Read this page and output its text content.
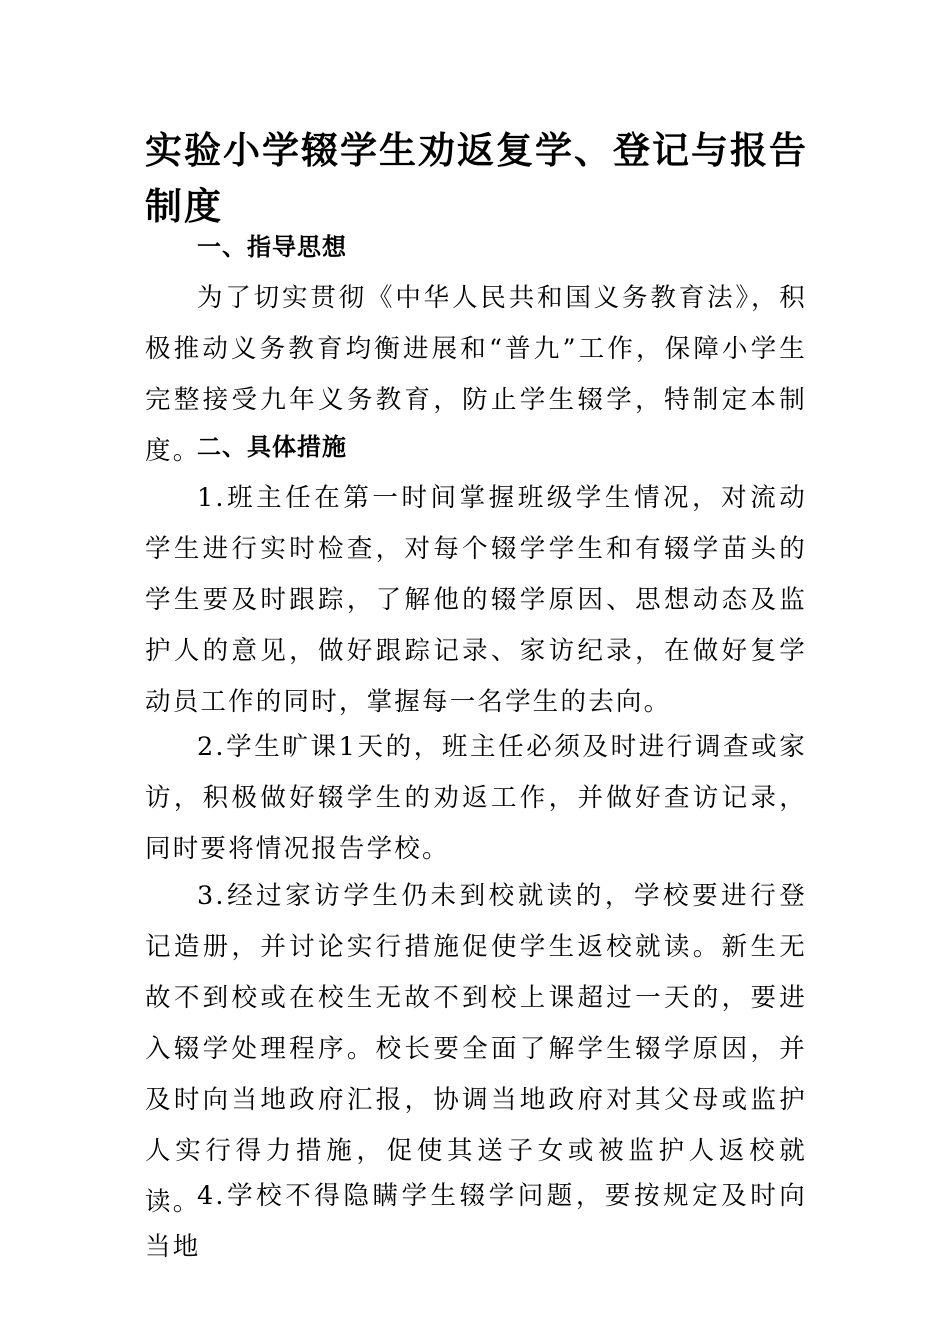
实验小学辍学生劝返复学、登记与报告制度
一、指导思想

为了切实贯彻《中华人民共和国义务教育法》，积极推动义务教育均衡进展和“普九”工作，保障小学生完整接受九年义务教育，防止学生辍学，特制定本制度。

二、具体措施

1.班主任在第一时间掌握班级学生情况，对流动学生进行实时检查，对每个辍学学生和有辍学苗头的学生要及时跟踪，了解他的辍学原因、思想动态及监护人的意见，做好跟踪记录、家访纪录，在做好复学动员工作的同时，掌握每一名学生的去向。

2.学生旷课1天的，班主任必须及时进行调查或家访，积极做好辍学生的劝返工作，并做好查访记录，同时要将情况报告学校。

3.经过家访学生仍未到校就读的，学校要进行登记造册，并讨论实行措施促使学生返校就读。新生无故不到校或在校生无故不到校上课超过一天的，要进入辍学处理程序。校长要全面了解学生辍学原因，并及时向当地政府汇报，协调当地政府对其父母或监护人实行得力措施，促使其送子女或被监护人返校就读。

4.学校不得隐瞒学生辍学问题，要按规定及时向当地
